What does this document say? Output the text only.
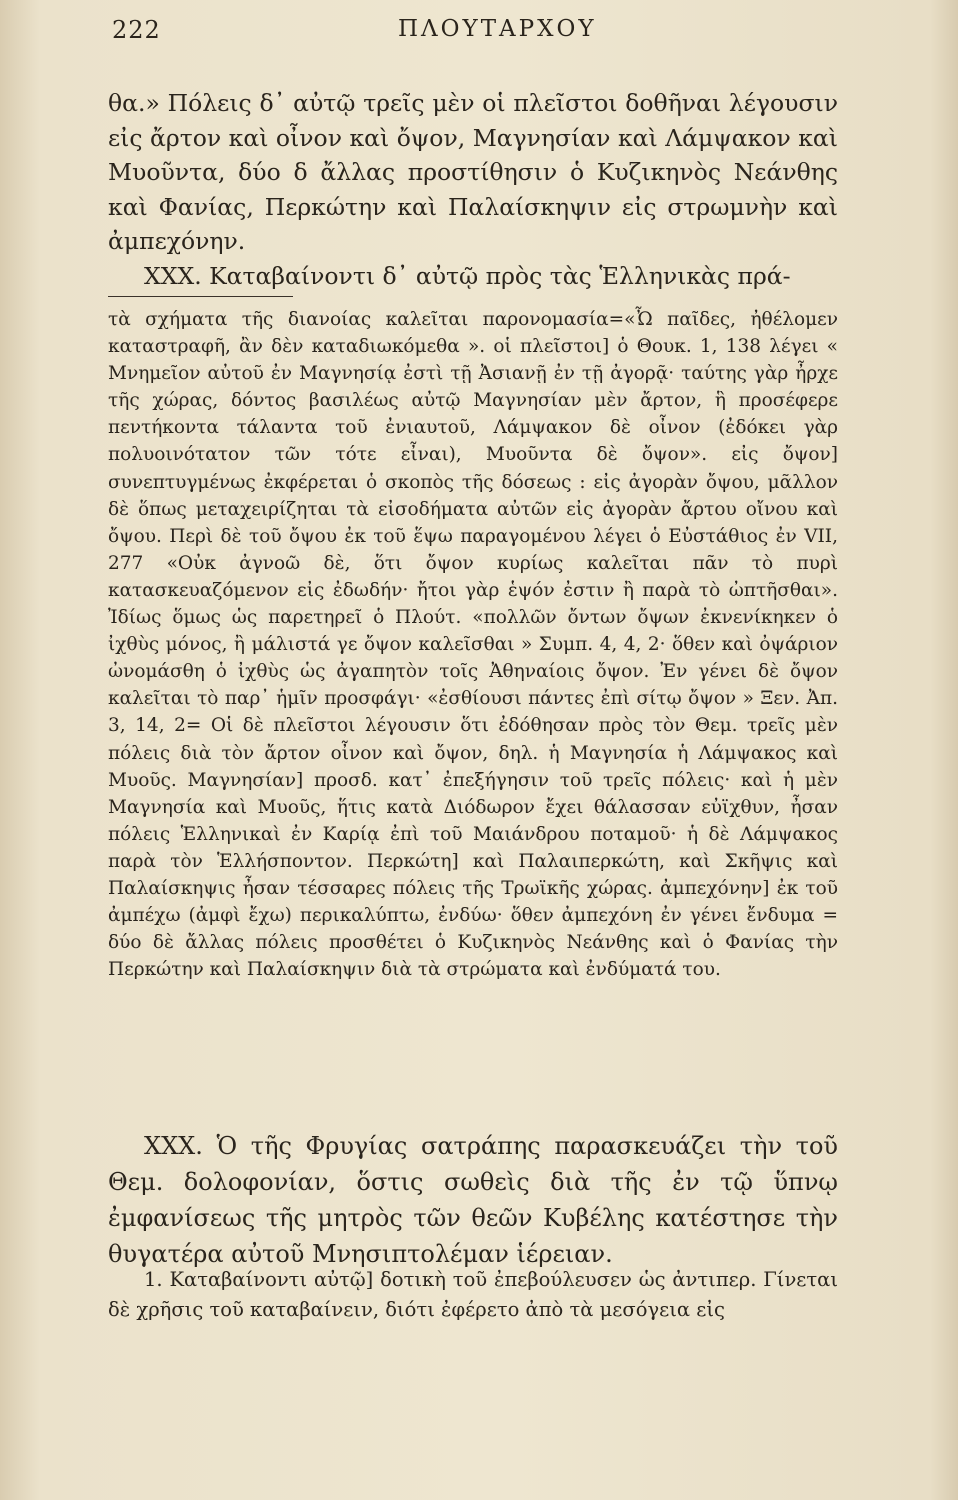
222	ΠΛΟΥΤΑΡΧΟΥ

θα.» Πόλεις δ᾽ αὐτῷ τρεῖς μὲν οἱ πλεῖστοι δοθῆναι λέγουσιν εἰς ἄρτον καὶ οἶνον καὶ ὄψον, Μαγνησίαν καὶ Λάμψακον καὶ Μυοῦντα, δύο δ ἄλλας προστίθησιν ὁ Κυζικηνὸς Νεάνθης καὶ Φανίας, Περκώτην καὶ Παλαίσκηψιν εἰς στρωμνὴν καὶ ἀμπεχόνην.

XXX. Καταβαίνοντι δ᾽ αὐτῷ πρὸς τὰς Ἑλληνικὰς πρά-

τὰ σχήματα τῆς διανοίας καλεῖται παρονομασία=«Ὦ παῖδες, ἠθέλομεν καταστραφῆ, ἂν δὲν καταδιωκόμεθα ». οἱ πλεῖστοι] ὁ Θουκ. 1, 138 λέγει « Μνημεῖον αὐτοῦ ἐν Μαγνησίᾳ ἐστὶ τῇ Ἀσιανῇ ἐν τῇ ἀγορᾷ· ταύτης γὰρ ἦρχε τῆς χώρας, δόντος βασιλέως αὐτῷ Μαγνησίαν μὲν ἄρτον, ἣ προσέφερε πεντήκοντα τάλαντα τοῦ ἐνιαυτοῦ, Λάμψακον δὲ οἶνον (ἐδόκει γὰρ πολυοινότατον τῶν τότε εἶναι), Μυοῦντα δὲ ὄψον». εἰς ὄψον] συνεπτυγμένως ἐκφέρεται ὁ σκοπὸς τῆς δόσεως : εἰς ἀγορὰν ὄψου, μᾶλλον δὲ ὅπως μεταχειρίζηται τὰ εἰσοδήματα αὐτῶν εἰς ἀγορὰν ἄρτου οἴνου καὶ ὄψου. Περὶ δὲ τοῦ ὄψου ἐκ τοῦ ἕψω παραγομένου λέγει ὁ Εὐστάθιος ἐν VII, 277 «Οὐκ ἀγνοῶ δὲ, ὅτι ὄψον κυρίως καλεῖται πᾶν τὸ πυρὶ κατασκευαζόμενον εἰς ἐδωδήν· ἤτοι γὰρ ἑψόν ἐστιν ἢ παρὰ τὸ ὠπτῆσθαι». Ἰδίως ὅμως ὡς παρετηρεῖ ὁ Πλούτ. «πολλῶν ὄντων ὄψων ἐκνενίκηκεν ὁ ἰχθὺς μόνος, ἢ μάλιστά γε ὄψον καλεῖσθαι » Συμπ. 4, 4, 2· ὅθεν καὶ ὀψάριον ὠνομάσθη ὁ ἰχθὺς ὡς ἀγαπητὸν τοῖς Ἀθηναίοις ὄψον. Ἐν γένει δὲ ὄψον καλεῖται τὸ παρ᾽ ἡμῖν προσφάγι· «ἐσθίουσι πάντες ἐπὶ σίτῳ ὄψον » Ξεν. Ἀπ. 3, 14, 2= Οἱ δὲ πλεῖστοι λέγουσιν ὅτι ἐδόθησαν πρὸς τὸν Θεμ. τρεῖς μὲν πόλεις διὰ τὸν ἄρτον οἶνον καὶ ὄψον, δηλ. ἡ Μαγνησία ἡ Λάμψακος καὶ Μυοῦς. Μαγνησίαν] προσδ. κατ᾽ ἐπεξήγησιν τοῦ τρεῖς πόλεις· καὶ ἡ μὲν Μαγνησία καὶ Μυοῦς, ἥτις κατὰ Διόδωρον ἔχει θάλασσαν εὐϊχθυν, ἦσαν πόλεις Ἑλληνικαὶ ἐν Καρίᾳ ἐπὶ τοῦ Μαιάνδρου ποταμοῦ· ἡ δὲ Λάμψακος παρὰ τὸν Ἑλλήσποντον. Περκώτη] καὶ Παλαιπερκώτη, καὶ Σκῆψις καὶ Παλαίσκηψις ἦσαν τέσσαρες πόλεις τῆς Τρωϊκῆς χώρας. ἀμπεχόνην] ἐκ τοῦ ἀμπέχω (ἀμφὶ ἔχω) περικαλύπτω, ἐνδύω· ὅθεν ἀμπεχόνη ἐν γένει ἔνδυμα = δύο δὲ ἄλλας πόλεις προσθέτει ὁ Κυζικηνὸς Νεάνθης καὶ ὁ Φανίας τὴν Περκώτην καὶ Παλαίσκηψιν διὰ τὰ στρώματα καὶ ἐνδύματά του.

XXX. Ὁ τῆς Φρυγίας σατράπης παρασκευάζει τὴν τοῦ Θεμ. δολοφονίαν, ὅστις σωθεὶς διὰ τῆς ἐν τῷ ὕπνῳ ἐμφανίσεως τῆς μητρὸς τῶν θεῶν Κυβέλης κατέστησε τὴν θυγατέρα αὐτοῦ Μνησιπτολέμαν ἱέρειαν.

1. Καταβαίνοντι αὐτῷ] δοτικὴ τοῦ ἐπεβούλευσεν ὡς ἀντιπερ. Γίνεται δὲ χρῆσις τοῦ καταβαίνειν, διότι ἐφέρετο ἀπὸ τὰ μεσόγεια εἰς
